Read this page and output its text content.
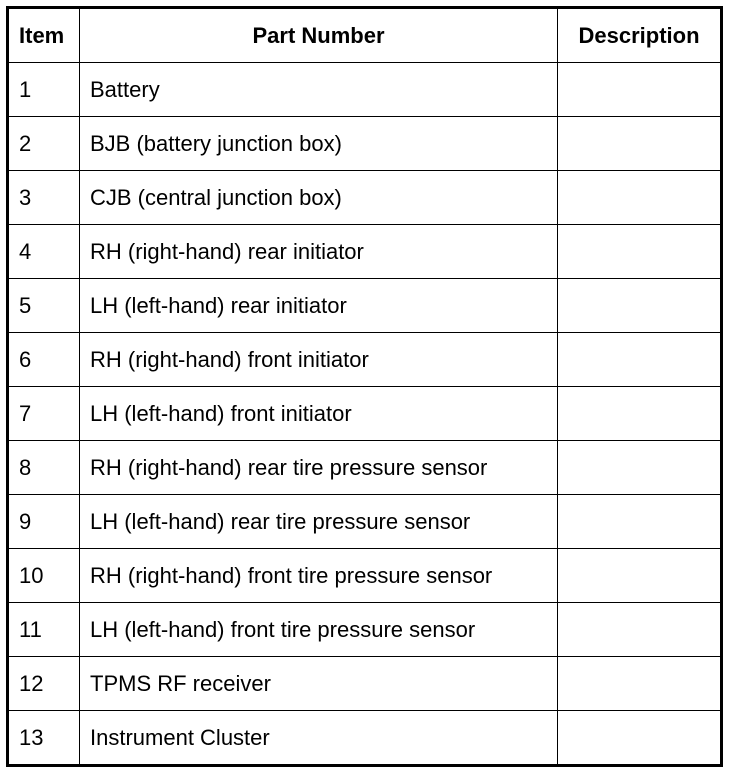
Item	Part Number	Description
1	Battery	
2	BJB (battery junction box)	
3	CJB (central junction box)	
4	RH (right-hand) rear initiator	
5	LH (left-hand) rear initiator	
6	RH (right-hand) front initiator	
7	LH (left-hand) front initiator	
8	RH (right-hand) rear tire pressure sensor	
9	LH (left-hand) rear tire pressure sensor	
10	RH (right-hand) front tire pressure sensor	
11	LH (left-hand) front tire pressure sensor	
12	TPMS RF receiver	
13	Instrument Cluster	
